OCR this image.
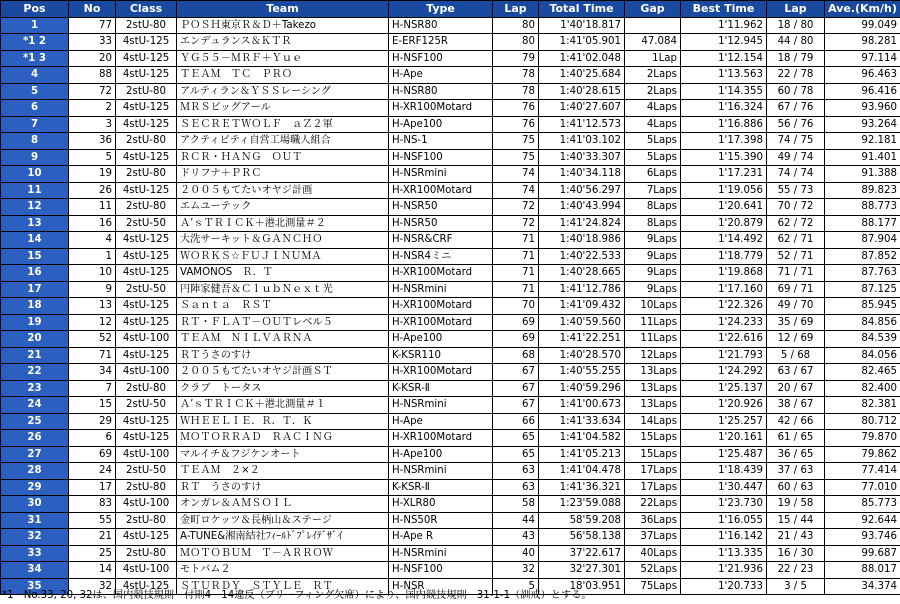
Pos	No	Class	Team	Type	Lap	Total Time	Gap	Best Time	Lap	Ave.(Km/h)
1	77	2stU-80	ＰＯＳＨ東京Ｒ＆Ｄ＋Takezo	H-NSR80	80	1'40'18.817		1'11.962	18 / 80	99.049
*1 2	33	4stU-125	エンデュランス＆ＫＴＲ	E-ERF125R	80	1:41'05.901	47.084	1'12.945	44 / 80	98.281
*1 3	20	4stU-125	ＹＧ５５－ＭＲＦ＋Ｙｕｅ	H-NSF100	79	1:41'02.048	1Lap	1'12.154	18 / 79	97.114
4	88	4stU-125	ＴＥＡＭ　ＴＣ　ＰＲＯ	H-Ape	78	1:40'25.684	2Laps	1'13.563	22 / 78	96.463
5	72	2stU-80	アルティラン＆ＹＳＳレーシング	H-NSR80	78	1:40'28.615	2Laps	1'14.355	60 / 78	96.416
6	2	4stU-125	ＭＲＳビッグアール	H-XR100Motard	76	1:40'27.607	4Laps	1'16.324	67 / 76	93.960
7	3	4stU-125	ＳＥＣＲＥＴＷＯＬＦ　ａＺ２軍	H-Ape100	76	1:41'12.573	4Laps	1'16.886	56 / 76	93.264
8	36	2stU-80	アクティビティ自営工場職人組合	H-NS-1	75	1:41'03.102	5Laps	1'17.398	74 / 75	92.181
9	5	4stU-125	ＲＣＲ・ＨＡＮＧ　ＯＵＴ	H-NSF100	75	1:40'33.307	5Laps	1'15.390	49 / 74	91.401
10	19	2stU-80	ドリフナ＋ＰＲＣ	H-NSRmini	74	1:40'34.118	6Laps	1'17.231	74 / 74	91.388
11	26	4stU-125	２００５もてたいオヤジ計画	H-XR100Motard	74	1:40'56.297	7Laps	1'19.056	55 / 73	89.823
12	11	2stU-80	エムユーテック	H-NSR50	72	1:40'43.994	8Laps	1'20.641	70 / 72	88.773
13	16	2stU-50	Ａ’ｓＴＲＩＣＫ＋港北測量＃２	H-NSR50	72	1:41'24.824	8Laps	1'20.879	62 / 72	88.177
14	4	4stU-125	大洗サーキット＆ＧＡＮＣＨＯ	H-NSR&CRF	71	1:40'18.986	9Laps	1'14.492	62 / 71	87.904
15	1	4stU-125	ＷＯＲＫＳ☆ＦＵＪＩＮＵＭＡ	H-NSR4ミニ	71	1:40'22.533	9Laps	1'18.779	52 / 71	87.852
16	10	4stU-125	VAMONOS　Ｒ．Ｔ	H-XR100Motard	71	1:40'28.665	9Laps	1'19.868	71 / 71	87.763
17	9	2stU-50	円陣家健吾＆ＣｌｕｂＮｅｘｔ光	H-NSRmini	71	1:41'12.786	9Laps	1'17.160	69 / 71	87.125
18	13	4stU-125	Ｓａｎｔａ　ＲＳＴ	H-XR100Motard	70	1:41'09.432	10Laps	1'22.326	49 / 70	85.945
19	12	4stU-125	ＲＴ・ＦＬＡＴ－ＯＵＴレベル５	H-XR100Motard	69	1:40'59.560	11Laps	1'24.233	35 / 69	84.856
20	52	4stU-100	ＴＥＡＭ　ＮＩＬＶＡＲＮＡ	H-Ape100	69	1:41'22.251	11Laps	1'22.616	12 / 69	84.539
21	71	4stU-125	ＲＴうさのすけ	K-KSR110	68	1:40'28.570	12Laps	1'21.793	5 / 68	84.056
22	34	4stU-100	２００５もてたいオヤジ計画ＳＴ	H-XR100Motard	67	1:40'55.255	13Laps	1'24.292	63 / 67	82.465
23	7	2stU-80	クラブ　トータス	K-KSR-Ⅱ	67	1:40'59.296	13Laps	1'25.137	20 / 67	82.400
24	15	2stU-50	Ａ’ｓＴＲＩＣＫ＋港北測量＃１	H-NSRmini	67	1:41'00.673	13Laps	1'20.926	38 / 67	82.381
25	29	4stU-125	ＷＨＥＥＬＩＥ．Ｒ．Ｔ．Ｋ	H-Ape	66	1:41'33.634	14Laps	1'25.257	42 / 66	80.712
26	6	4stU-125	ＭＯＴＯＲＲＡＤ　ＲＡＣＩＮＧ	H-XR100Motard	65	1:41'04.582	15Laps	1'20.161	61 / 65	79.870
27	69	4stU-100	マルイチ＆フジケンオート	H-Ape100	65	1:41'05.213	15Laps	1'25.487	36 / 65	79.862
28	24	2stU-50	ＴＥＡＭ　２×２	H-NSRmini	63	1:41'04.478	17Laps	1'18.439	37 / 63	77.414
29	17	2stU-80	ＲＴ　うさのすけ	K-KSR-Ⅱ	63	1:41'36.321	17Laps	1'30.447	60 / 63	77.010
30	83	4stU-100	オンガレ＆ＡＭＳＯＩＬ	H-XLR80	58	1:23'59.088	22Laps	1'23.730	19 / 58	85.773
31	55	2stU-80	金町ロケッツ＆長柄山＆ステージ	H-NS50R	44	58'59.208	36Laps	1'16.055	15 / 44	92.644
32	21	4stU-125	A-TUNE&湘南結社ﾌｨｰﾙﾄﾞﾌﾟﾚｲﾃﾞｻﾞｲ	H-Ape R	43	56'58.138	37Laps	1'16.142	21 / 43	93.746
33	25	2stU-80	ＭＯＴＯＢＵＭ　Ｔ－ＡＲＲＯＷ	H-NSRmini	40	37'22.617	40Laps	1'13.335	16 / 30	99.687
34	14	4stU-100	モトバム２	H-NSF100	32	32'27.301	52Laps	1'21.936	22 / 23	88.017
35	32	4stU-125	ＳＴＵＲＤＹ　ＳＴＹＬＥ　ＲＴ	H-NSR	5	18'03.951	75Laps	1'20.733	3 / 5	34.374
*1　No.33, 20, 32は、国内競技規則　付則4　14違反（ブリーフィング欠席）により、国内競技規則　31-1-1（訓戒）とする。
